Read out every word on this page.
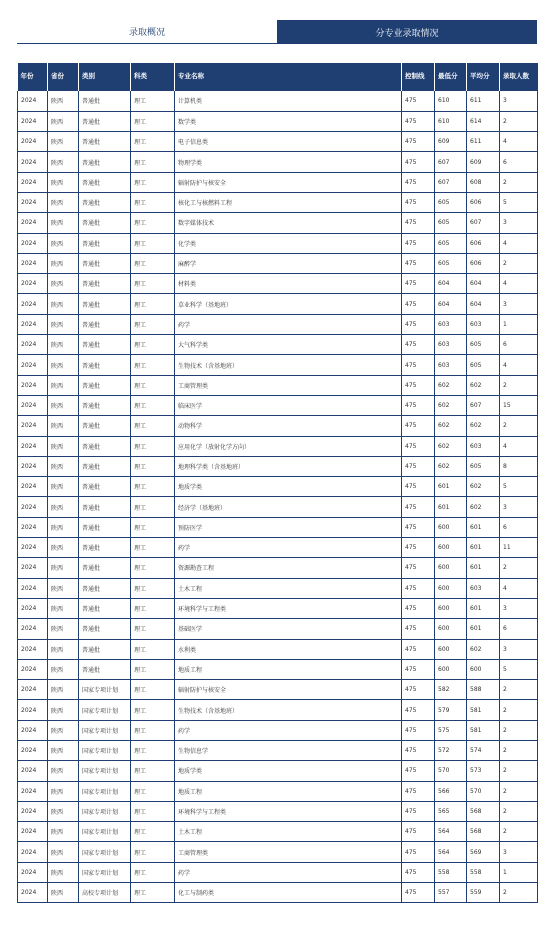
录取概况	分专业录取情况
年份	省份	类别	科类	专业名称	控制线	最低分	平均分	录取人数
2024	陕西	普通批	理工	计算机类	475	610	611	3
2024	陕西	普通批	理工	数学类	475	610	614	2
2024	陕西	普通批	理工	电子信息类	475	609	611	4
2024	陕西	普通批	理工	物理学类	475	607	609	6
2024	陕西	普通批	理工	辐射防护与核安全	475	607	608	2
2024	陕西	普通批	理工	核化工与核燃料工程	475	605	606	5
2024	陕西	普通批	理工	数字媒体技术	475	605	607	3
2024	陕西	普通批	理工	化学类	475	605	606	4
2024	陕西	普通批	理工	麻醉学	475	605	606	2
2024	陕西	普通批	理工	材料类	475	604	604	4
2024	陕西	普通批	理工	草业科学（基地班）	475	604	604	3
2024	陕西	普通批	理工	药学	475	603	603	1
2024	陕西	普通批	理工	大气科学类	475	603	605	6
2024	陕西	普通批	理工	生物技术（含基地班）	475	603	605	4
2024	陕西	普通批	理工	工商管理类	475	602	602	2
2024	陕西	普通批	理工	临床医学	475	602	607	15
2024	陕西	普通批	理工	动物科学	475	602	602	2
2024	陕西	普通批	理工	应用化学（放射化学方向）	475	602	603	4
2024	陕西	普通批	理工	地理科学类（含基地班）	475	602	605	8
2024	陕西	普通批	理工	地质学类	475	601	602	5
2024	陕西	普通批	理工	经济学（基地班）	475	601	602	3
2024	陕西	普通批	理工	预防医学	475	600	601	6
2024	陕西	普通批	理工	药学	475	600	601	11
2024	陕西	普通批	理工	资源勘查工程	475	600	601	2
2024	陕西	普通批	理工	土木工程	475	600	603	4
2024	陕西	普通批	理工	环境科学与工程类	475	600	601	3
2024	陕西	普通批	理工	基础医学	475	600	601	6
2024	陕西	普通批	理工	水利类	475	600	602	3
2024	陕西	普通批	理工	地质工程	475	600	600	5
2024	陕西	国家专项计划	理工	辐射防护与核安全	475	582	588	2
2024	陕西	国家专项计划	理工	生物技术（含基地班）	475	579	581	2
2024	陕西	国家专项计划	理工	药学	475	575	581	2
2024	陕西	国家专项计划	理工	生物信息学	475	572	574	2
2024	陕西	国家专项计划	理工	地质学类	475	570	573	2
2024	陕西	国家专项计划	理工	地质工程	475	566	570	2
2024	陕西	国家专项计划	理工	环境科学与工程类	475	565	568	2
2024	陕西	国家专项计划	理工	土木工程	475	564	568	2
2024	陕西	国家专项计划	理工	工商管理类	475	564	569	3
2024	陕西	国家专项计划	理工	药学	475	558	558	1
2024	陕西	高校专项计划	理工	化工与制药类	475	557	559	2
